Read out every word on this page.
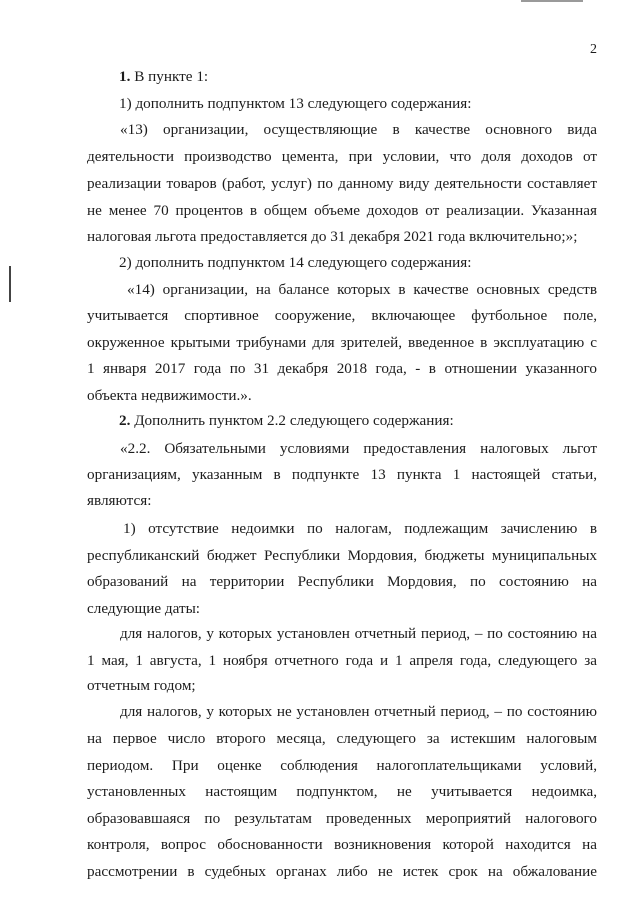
2

1. В пункте 1:

1) дополнить подпунктом 13 следующего содержания:

«13) организации, осуществляющие в качестве основного вида

деятельности производство цемента, при условии, что доля доходов от

реализации товаров (работ, услуг) по данному виду деятельности составляет

не менее 70 процентов в общем объеме доходов от реализации. Указанная

налоговая льгота предоставляется до 31 декабря 2021 года включительно;»;

2) дополнить подпунктом 14 следующего содержания:

«14) организации, на балансе которых в качестве основных средств

учитывается спортивное сооружение, включающее футбольное поле,

окруженное крытыми трибунами для зрителей, введенное в эксплуатацию с

1 января 2017 года по 31 декабря 2018 года, - в отношении указанного

объекта недвижимости.».

2. Дополнить пунктом 2.2 следующего содержания:

«2.2. Обязательными условиями предоставления налоговых льгот

организациям, указанным в подпункте 13 пункта 1 настоящей статьи,

являются:

1) отсутствие недоимки по налогам, подлежащим зачислению в

республиканский бюджет Республики Мордовия, бюджеты муниципальных

образований на территории Республики Мордовия, по состоянию на

следующие даты:

для налогов, у которых установлен отчетный период, – по состоянию на

1 мая, 1 августа, 1 ноября отчетного года и 1 апреля года, следующего за

отчетным годом;

для налогов, у которых не установлен отчетный период, – по состоянию

на первое число второго месяца, следующего за истекшим налоговым

периодом. При оценке соблюдения налогоплательщиками условий,

установленных настоящим подпунктом, не учитывается недоимка,

образовавшаяся по результатам проведенных мероприятий налогового

контроля, вопрос обоснованности возникновения которой находится на

рассмотрении в судебных органах либо не истек срок на обжалование
